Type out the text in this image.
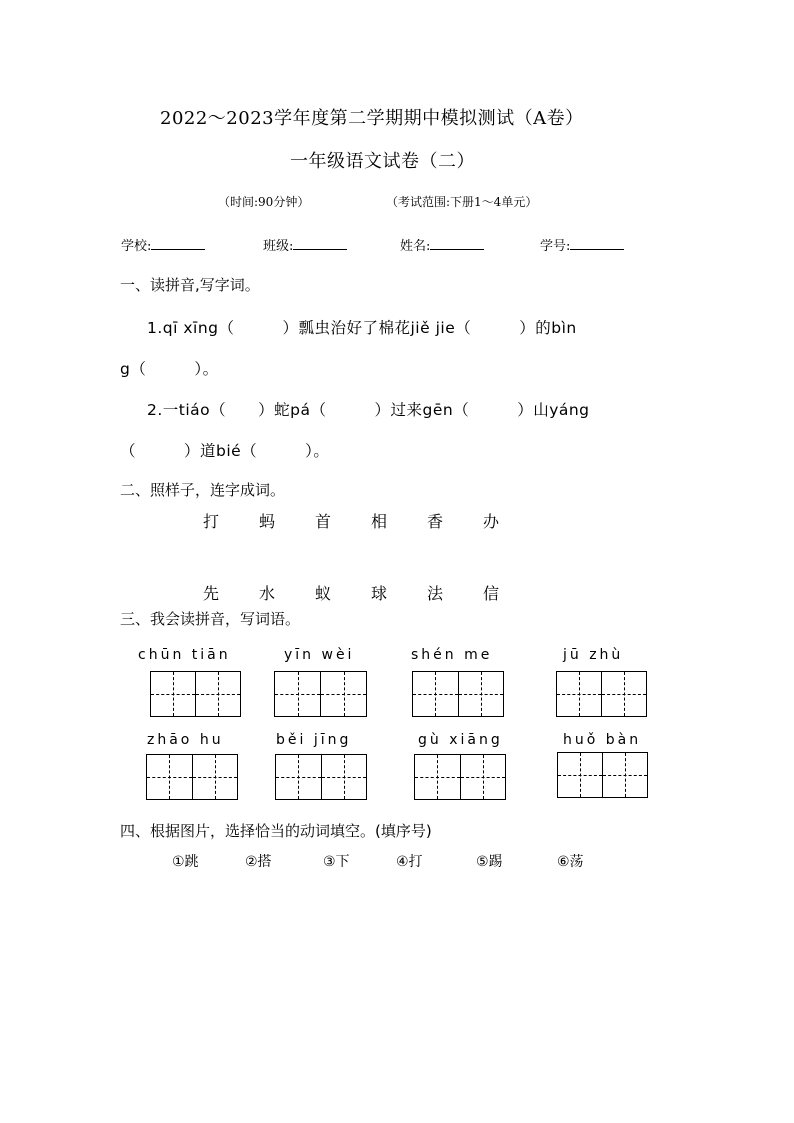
2022～2023学年度第二学期期中模拟测试（A卷）
一年级语文试卷（二）
（时间:90分钟）	（考试范围:下册1～4单元）
学校:	班级:	姓名:	学号:
一、读拼音,写字词。
1.qī xīng（　　　）瓢虫治好了棉花jiě jie（　　　）的bìn
g（　　　）。
2.一tiáo（　　）蛇pá（　　　）过来gēn（　　　）山yáng
（　　　）道bié（　　　）。
二、照样子，连字成词。
打 蚂 首 相 香 办
先 水 蚁 球 法 信
三、我会读拼音，写词语。
chūn tiān	yīn wèi	shén me	jū zhù
zhāo hu	běi jīng	gù xiāng	huǒ bàn
四、根据图片，选择恰当的动词填空。(填序号)
①跳	②搭	③下	④打	⑤踢	⑥荡
